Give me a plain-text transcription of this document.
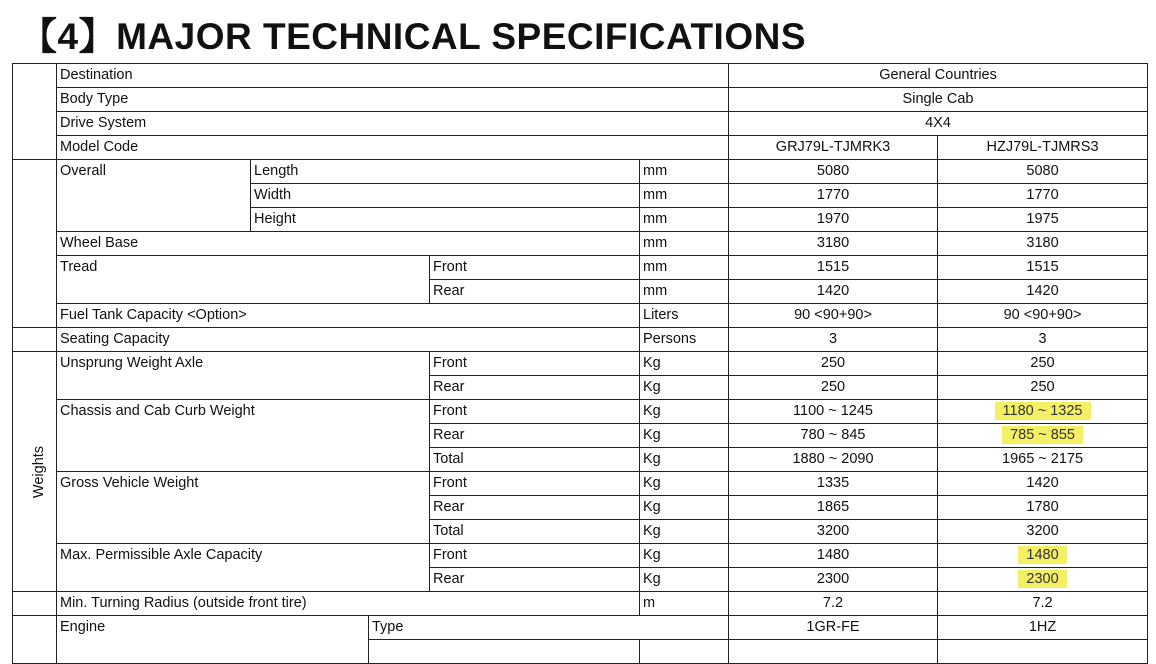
【4】MAJOR TECHNICAL SPECIFICATIONS
	Destination					General Countries	
	Body Type					Single Cab	
	Drive System					4X4	
	Model Code					GRJ79L-TJMRK3	HZJ79L-TJMRS3
	Overall	Length			mm	5080	5080
		Width			mm	1770	1770
		Height			mm	1970	1975
	Wheel Base				mm	3180	3180
	Tread			Front	mm	1515	1515
				Rear	mm	1420	1420
	Fuel Tank Capacity <Option>				Liters	90 <90+90>	90 <90+90>
	Seating Capacity				Persons	3	3
Weights	Unsprung Weight Axle			Front	Kg	250	250
				Rear	Kg	250	250
	Chassis and Cab Curb Weight			Front	Kg	1100 ~ 1245	1180 ~ 1325
				Rear	Kg	780 ~ 845	785 ~ 855
				Total	Kg	1880 ~ 2090	1965 ~ 2175
	Gross Vehicle Weight			Front	Kg	1335	1420
				Rear	Kg	1865	1780
				Total	Kg	3200	3200
	Max. Permissible Axle Capacity			Front	Kg	1480	1480
				Rear	Kg	2300	2300
	Min. Turning Radius (outside front tire)				m	7.2	7.2
	Engine		Type			1GR-FE	1HZ
